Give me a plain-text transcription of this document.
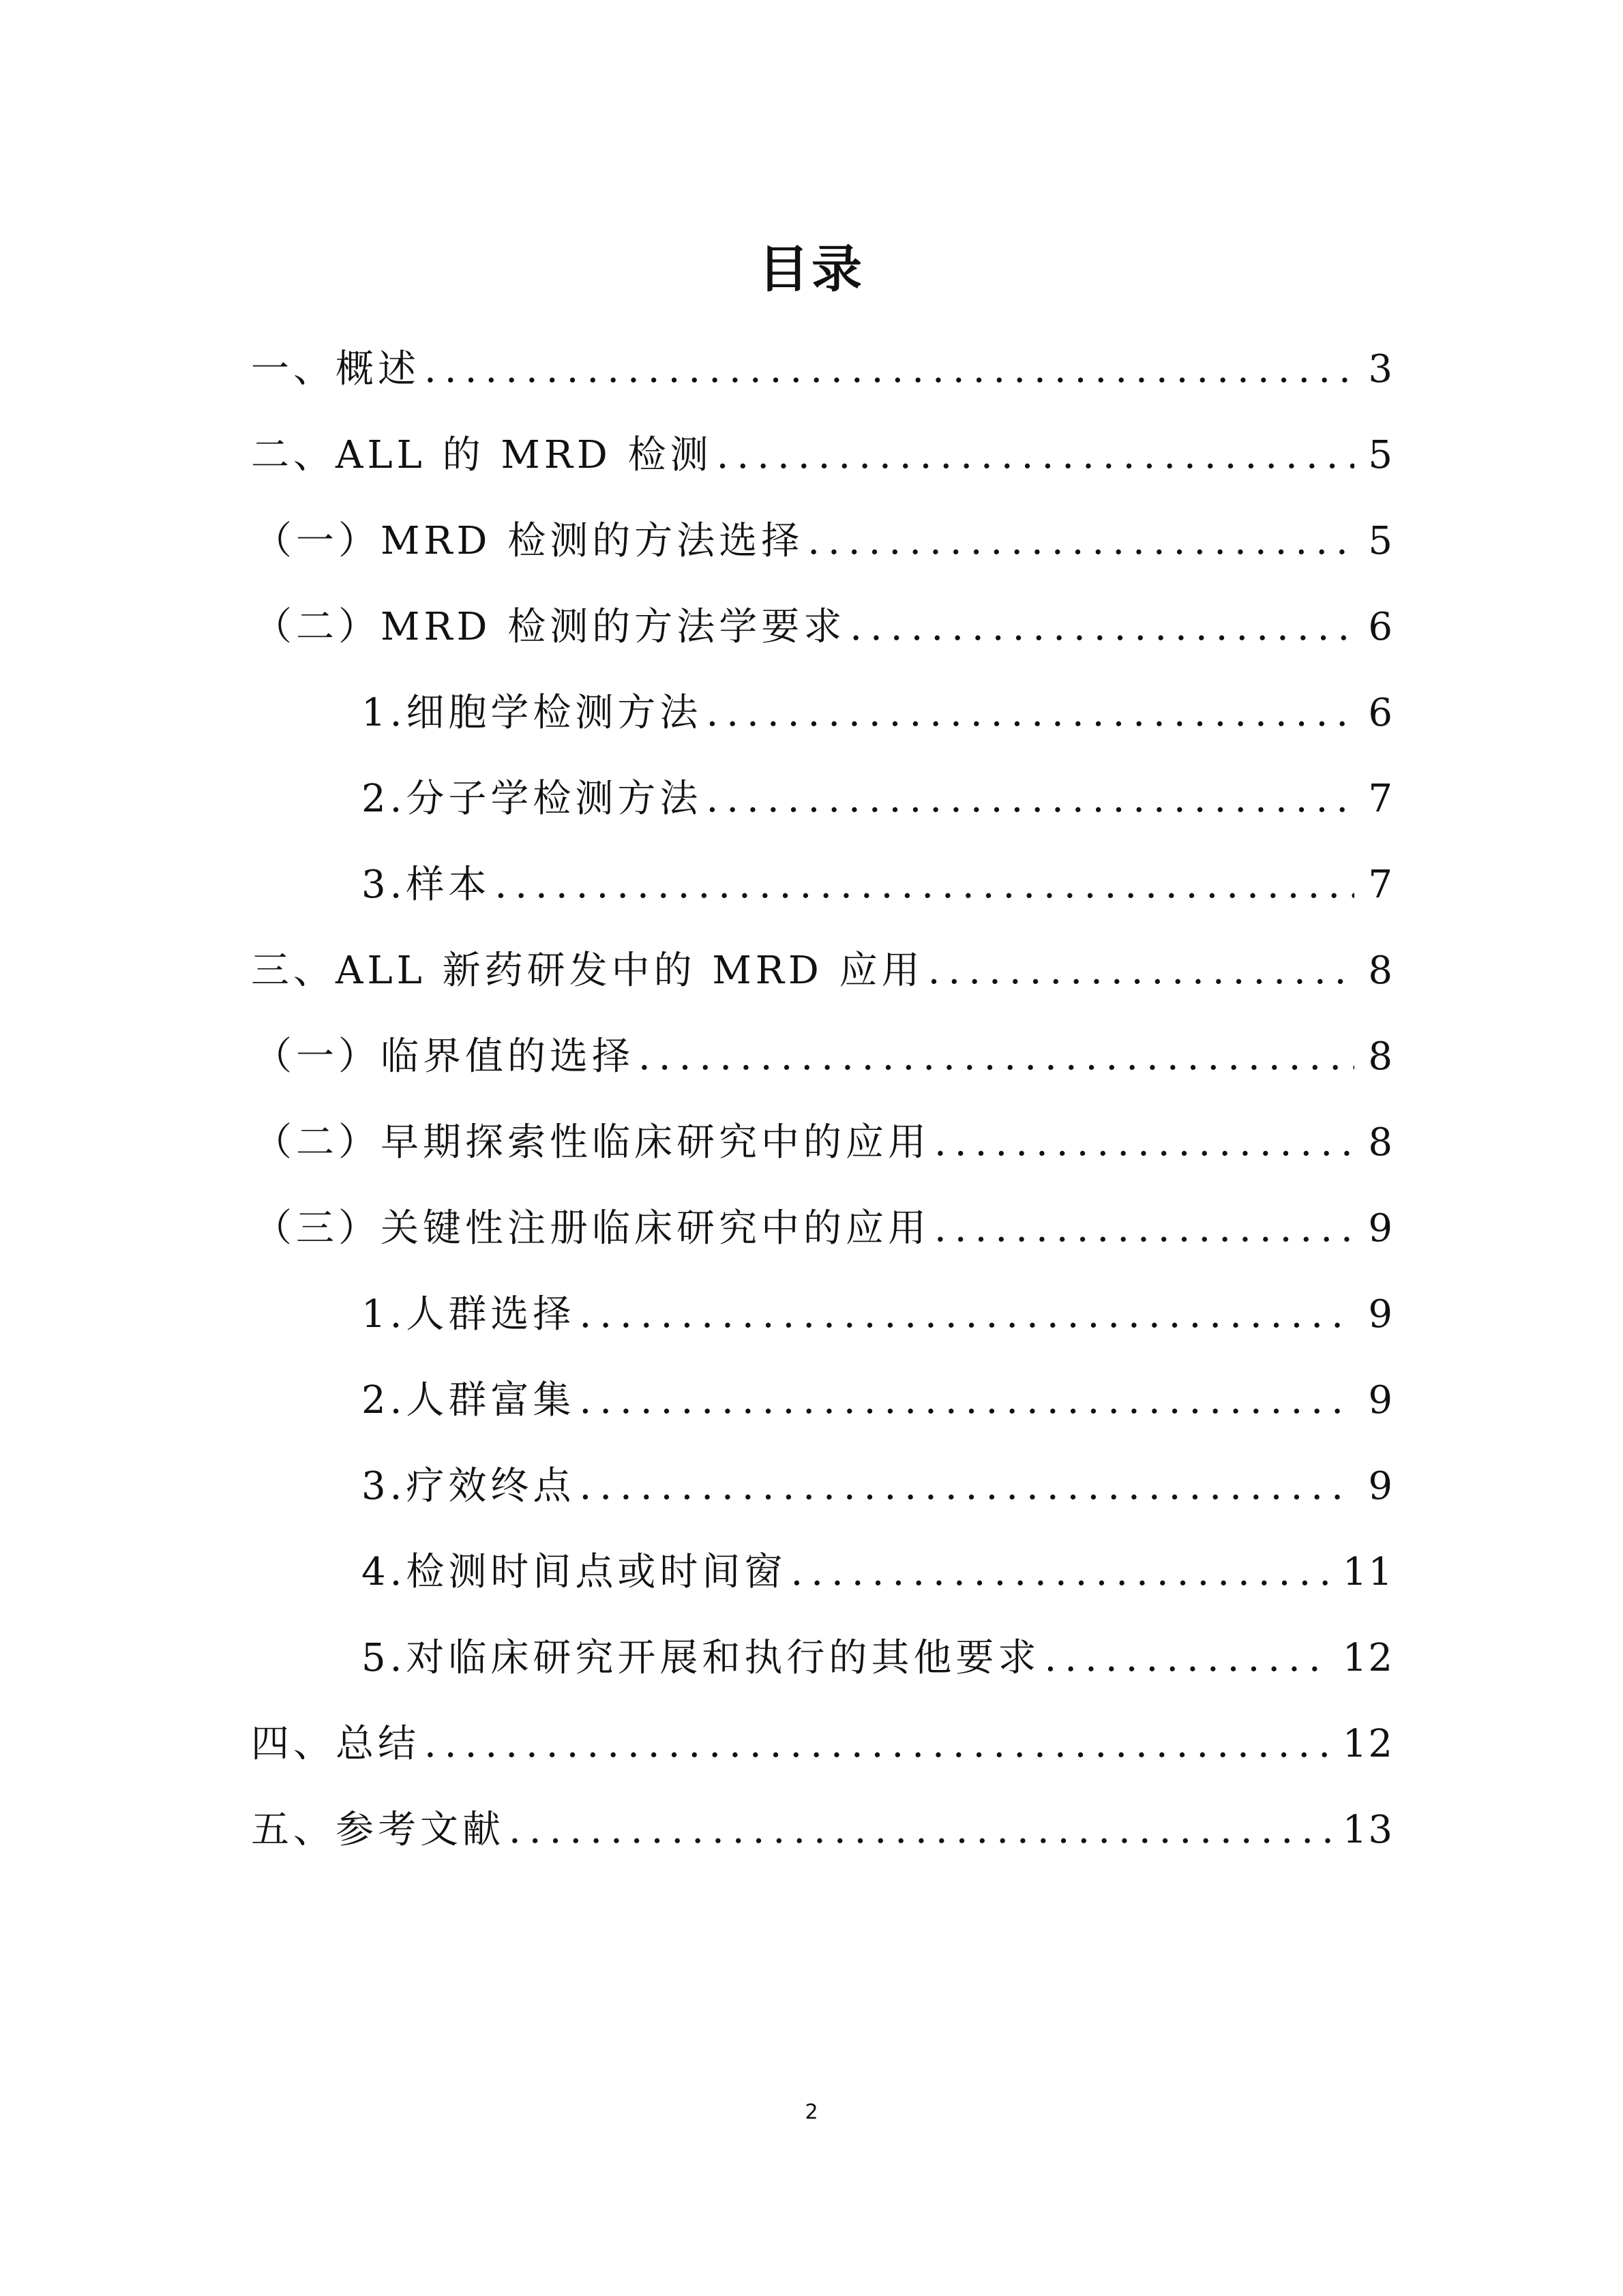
目录
一、概述 .....	3
二、ALL 的 MRD 检测 .....	5
（一）MRD 检测的方法选择 .....	5
（二）MRD 检测的方法学要求 .....	6
1.细胞学检测方法 .....	6
2.分子学检测方法 .....	7
3.样本 .....	7
三、ALL 新药研发中的 MRD 应用 .....	8
（一）临界值的选择 .....	8
（二）早期探索性临床研究中的应用 .....	8
（三）关键性注册临床研究中的应用 .....	9
1.人群选择 .....	9
2.人群富集 .....	9
3.疗效终点 .....	9
4.检测时间点或时间窗 .....	11
5.对临床研究开展和执行的其他要求 .....	12
四、总结 .....	12
五、参考文献 .....	13
2
